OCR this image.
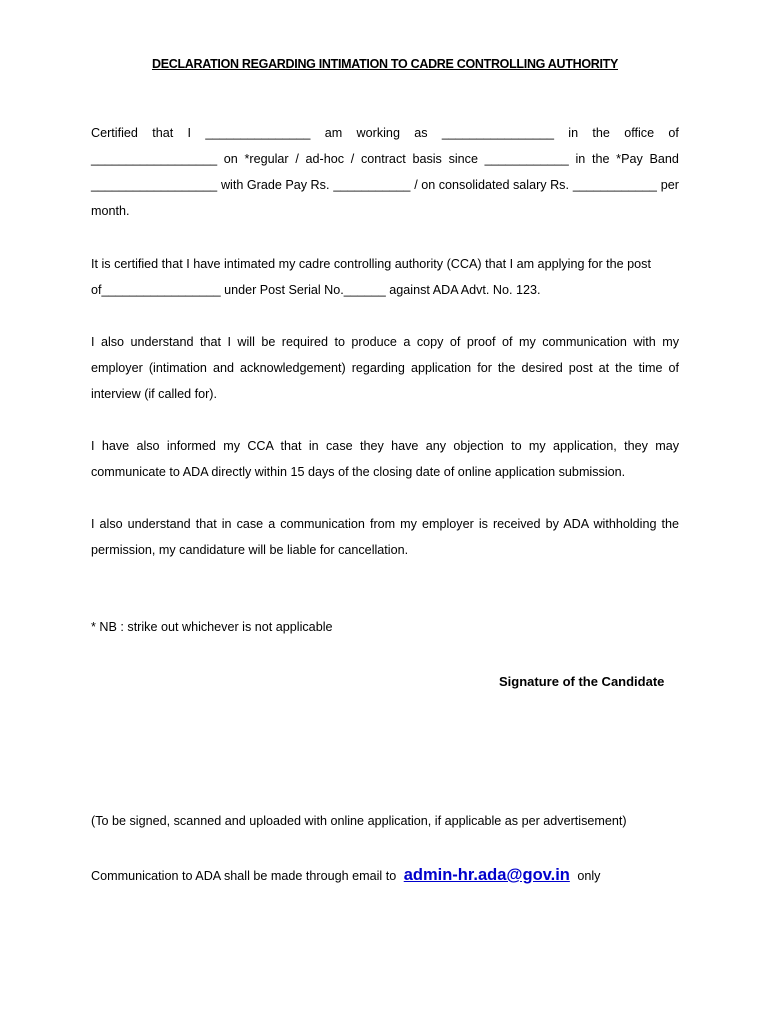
DECLARATION REGARDING INTIMATION TO CADRE CONTROLLING AUTHORITY
Certified that I _______________ am working as ________________ in the office of
__________________ on *regular / ad-hoc / contract basis since ____________ in the *Pay Band
__________________ with Grade Pay Rs. ___________ / on consolidated salary Rs. ____________ per
month.
It is certified that I have intimated my cadre controlling authority (CCA) that I am applying for the post
of_________________ under Post Serial No.______ against ADA Advt. No. 123.
I also understand that I will be required to produce a copy of proof of my communication with my
employer (intimation and acknowledgement) regarding application for the desired post at the time of
interview (if called for).
I have also informed my CCA that in case they have any objection to my application, they may
communicate to ADA directly within 15 days of the closing date of online application submission.
I also understand that in case a communication from my employer is received by ADA withholding the
permission, my candidature will be liable for cancellation.
* NB : strike out whichever is not applicable
Signature of the Candidate
(To be signed, scanned and uploaded with online application, if applicable as per advertisement)
Communication to ADA shall be made through email to admin-hr.ada@gov.in only
